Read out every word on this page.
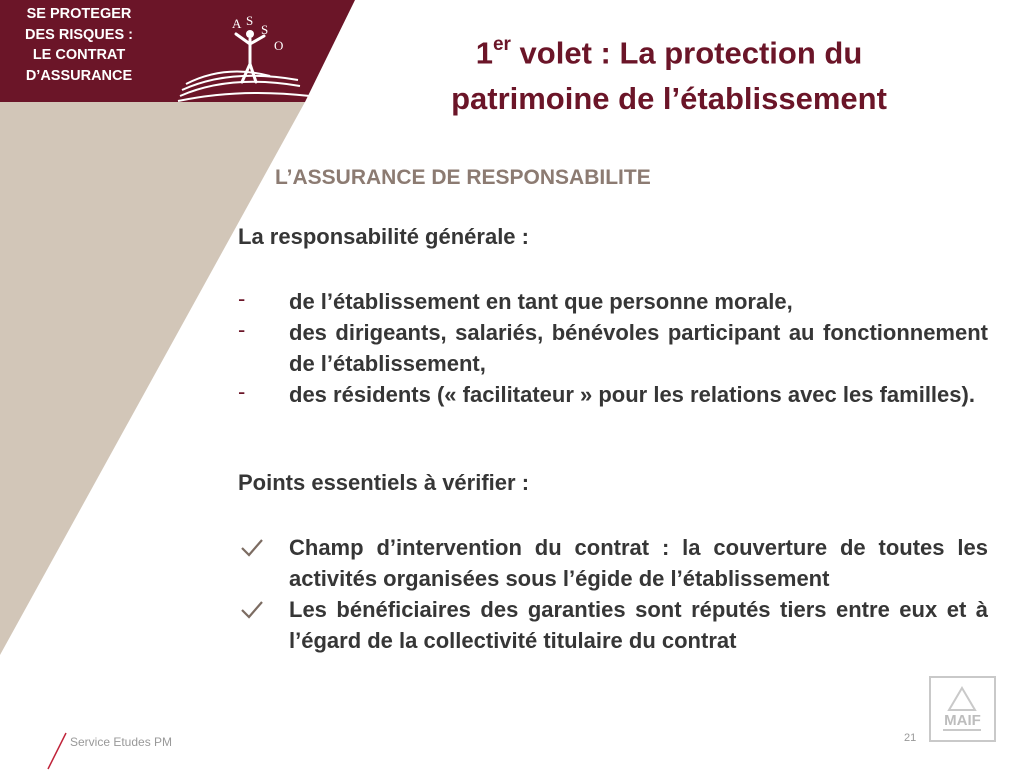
SE PROTEGER
DES RISQUES :
LE CONTRAT
D’ASSURANCE
A S
S
O	1er volet : La protection du
patrimoine de l’établissement
L’ASSURANCE DE RESPONSABILITE
La responsabilité générale :
-	de l’établissement en tant que personne morale,

-	des dirigeants, salariés, bénévoles participant au fonctionnement de l’établissement,

-	des résidents (« facilitateur » pour les relations avec les familles).

Points essentiels à vérifier :

Champ d’intervention du contrat : la couverture de toutes les activités organisées sous l’égide de l’établissement

Les bénéficiaires des garanties sont réputés tiers entre eux et à l’égard de la collectivité titulaire du contrat

Service Etudes PM	21
MAIF
